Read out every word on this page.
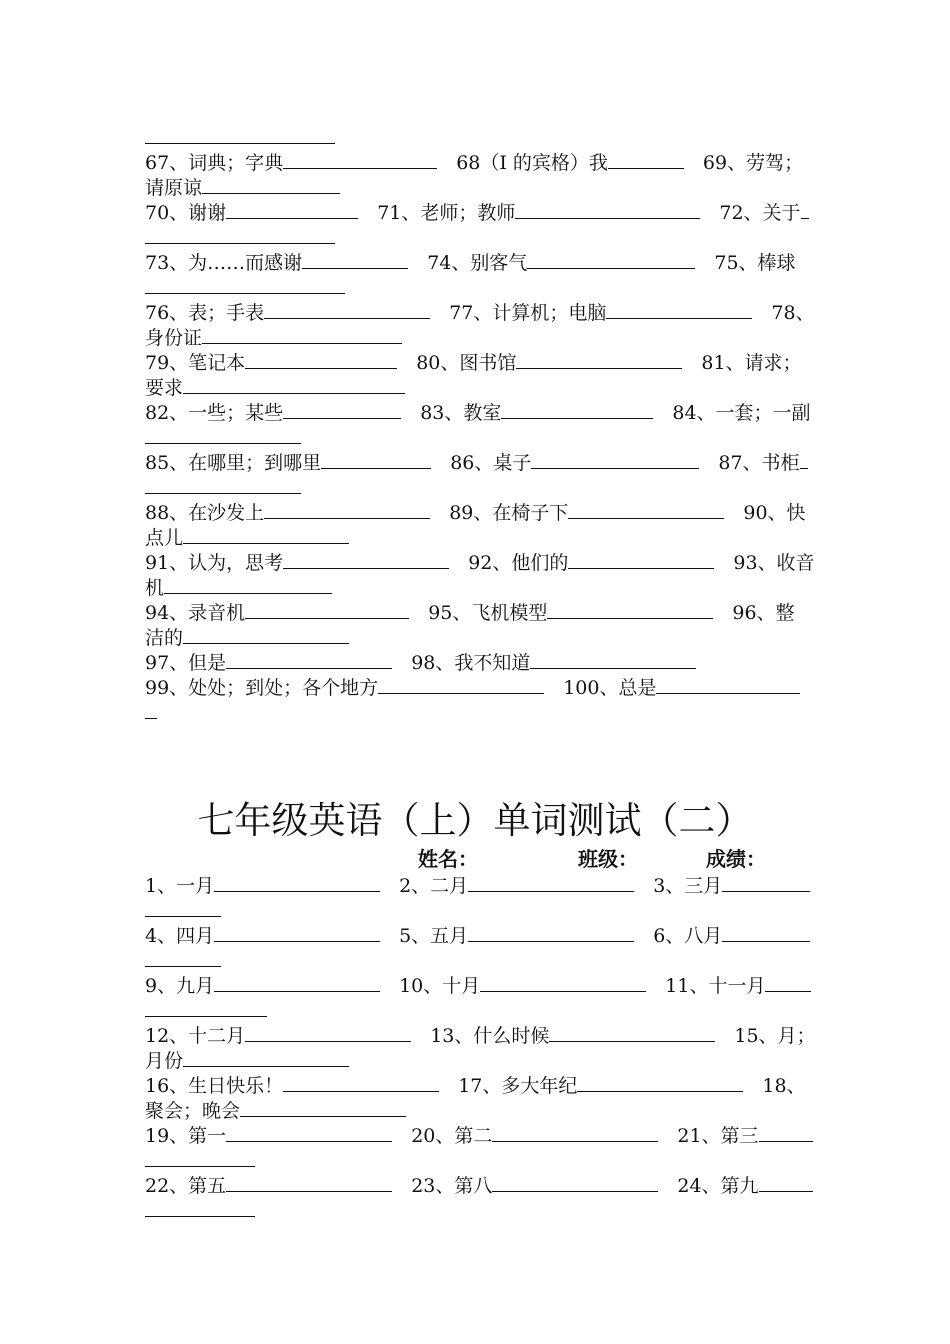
67、词典；字典	　68（I 的宾格）我	　69、劳驾；
请原谅
70、谢谢	　71、老师；教师	　72、关于
73、为……而感谢	　74、别客气	　75、棒球
76、表；手表	　77、计算机；电脑	　78、
身份证
79、笔记本	　80、图书馆	　81、请求；
要求
82、一些；某些	　83、教室	　84、一套；一副
85、在哪里；到哪里	　86、桌子	　87、书柜
88、在沙发上	　89、在椅子下	　90、快
点儿
91、认为，思考	　92、他们的	　93、收音
机
94、录音机	　95、飞机模型	　96、整
洁的
97、但是	　98、我不知道
99、处处；到处；各个地方	　100、总是
七年级英语（上）单词测试（二）
姓名：	班级：	成绩：
1、一月	　2、二月	　3、三月
4、四月	　5、五月	　6、八月
9、九月	　10、十月	　11、十一月
12、十二月	　13、什么时候	　15、月；
月份
16、生日快乐！	　17、多大年纪	　18、
聚会；晚会
19、第一	　20、第二	　21、第三
22、第五	　23、第八	　24、第九
